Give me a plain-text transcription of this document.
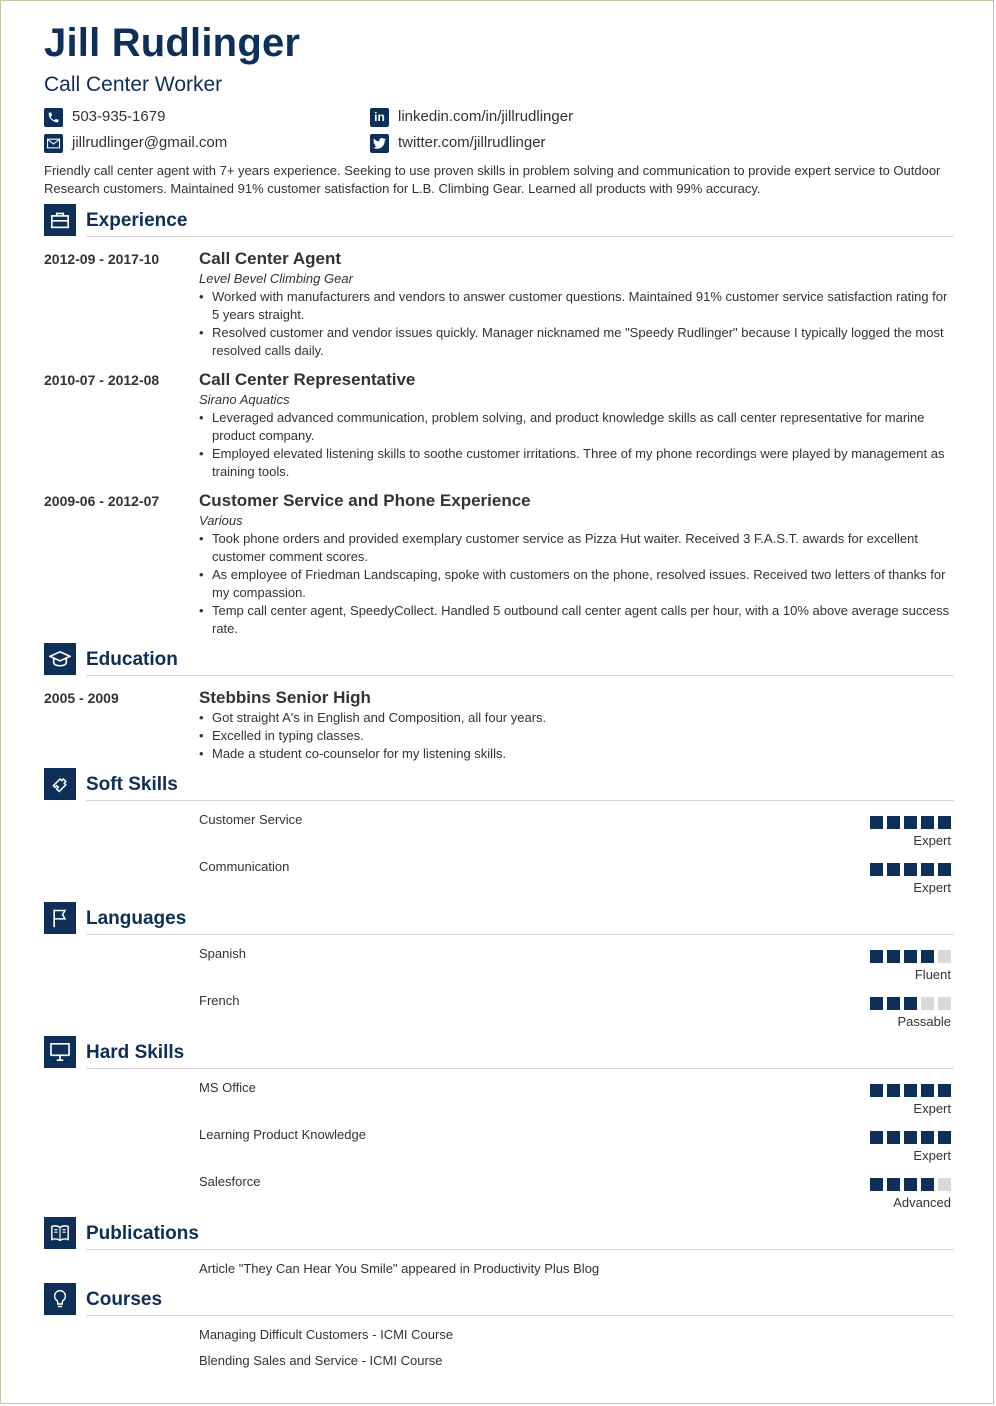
Jill Rudlinger
Call Center Worker
503-935-1679
jillrudlinger@gmail.com
in linkedin.com/in/jillrudlinger
twitter.com/jillrudlinger
Friendly call center agent with 7+ years experience. Seeking to use proven skills in problem solving and communication to provide expert service to Outdoor Research customers. Maintained 91% customer satisfaction for L.B. Climbing Gear. Learned all products with 99% accuracy.
Experience
2012-09 - 2017-10 Call Center Agent
Level Bevel Climbing Gear
• Worked with manufacturers and vendors to answer customer questions. Maintained 91% customer service satisfaction rating for 5 years straight.
• Resolved customer and vendor issues quickly. Manager nicknamed me "Speedy Rudlinger" because I typically logged the most resolved calls daily.
2010-07 - 2012-08 Call Center Representative
Sirano Aquatics
• Leveraged advanced communication, problem solving, and product knowledge skills as call center representative for marine product company.
• Employed elevated listening skills to soothe customer irritations. Three of my phone recordings were played by management as training tools.
2009-06 - 2012-07 Customer Service and Phone Experience
Various
• Took phone orders and provided exemplary customer service as Pizza Hut waiter. Received 3 F.A.S.T. awards for excellent customer comment scores.
• As employee of Friedman Landscaping, spoke with customers on the phone, resolved issues. Received two letters of thanks for my compassion.
• Temp call center agent, SpeedyCollect. Handled 5 outbound call center agent calls per hour, with a 10% above average success rate.
Education
2005 - 2009	Stebbins Senior High
• Got straight A's in English and Composition, all four years.
• Excelled in typing classes.
• Made a student co-counselor for my listening skills.
Soft Skills
Customer Service
Expert
Communication
Expert
Languages
Spanish
Fluent
French
Passable
Hard Skills
MS Office
Expert
Learning Product Knowledge
Expert
Salesforce
Advanced
Publications
Article "They Can Hear You Smile" appeared in Productivity Plus Blog
Courses
Managing Difficult Customers - ICMI Course
Blending Sales and Service - ICMI Course
